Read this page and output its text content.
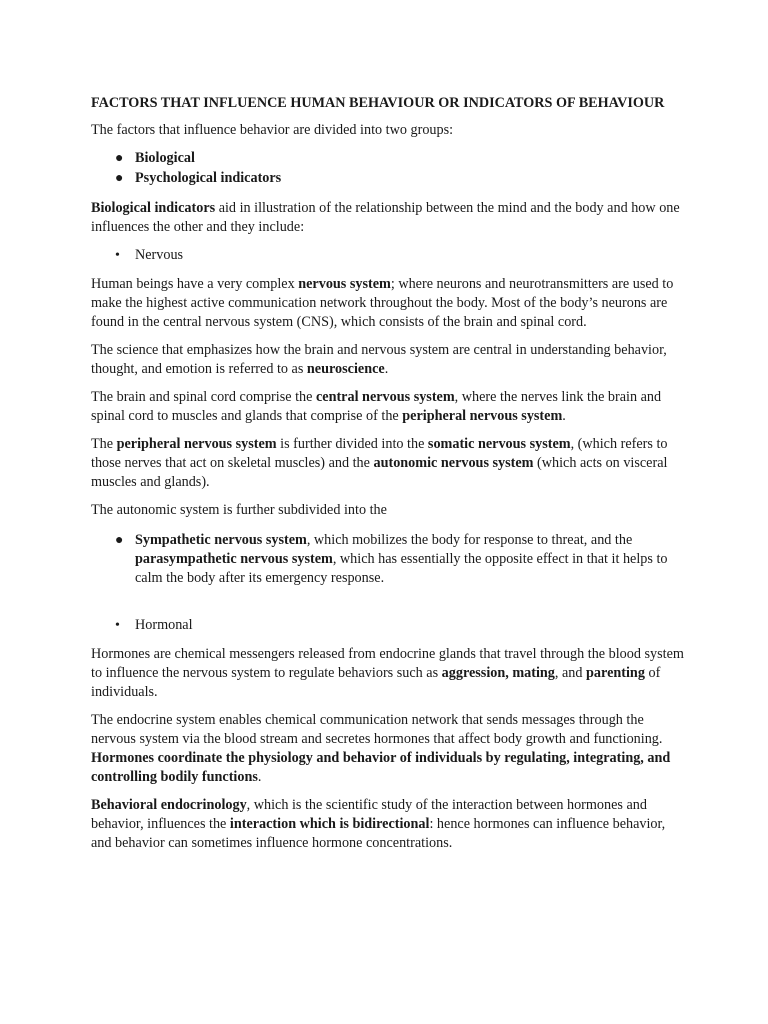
FACTORS THAT INFLUENCE HUMAN BEHAVIOUR OR INDICATORS OF BEHAVIOUR

The factors that influence behavior are divided into two groups:

● Biological
● Psychological indicators

Biological indicators aid in illustration of the relationship between the mind and the body and how one influences the other and they include:

• Nervous

Human beings have a very complex nervous system; where neurons and neurotransmitters are used to make the highest active communication network throughout the body. Most of the body’s neurons are found in the central nervous system (CNS), which consists of the brain and spinal cord.

The science that emphasizes how the brain and nervous system are central in understanding behavior, thought, and emotion is referred to as neuroscience.

The brain and spinal cord comprise the central nervous system, where the nerves link the brain and spinal cord to muscles and glands that comprise of the peripheral nervous system.

The peripheral nervous system is further divided into the somatic nervous system, (which refers to those nerves that act on skeletal muscles) and the autonomic nervous system (which acts on visceral muscles and glands).

The autonomic system is further subdivided into the

● Sympathetic nervous system, which mobilizes the body for response to threat, and the parasympathetic nervous system, which has essentially the opposite effect in that it helps to calm the body after its emergency response.
• Hormonal

Hormones are chemical messengers released from endocrine glands that travel through the blood system to influence the nervous system to regulate behaviors such as aggression, mating, and parenting of individuals.

The endocrine system enables chemical communication network that sends messages through the nervous system via the blood stream and secretes hormones that affect body growth and functioning. Hormones coordinate the physiology and behavior of individuals by regulating, integrating, and controlling bodily functions.

Behavioral endocrinology, which is the scientific study of the interaction between hormones and behavior, influences the interaction which is bidirectional: hence hormones can influence behavior, and behavior can sometimes influence hormone concentrations.
